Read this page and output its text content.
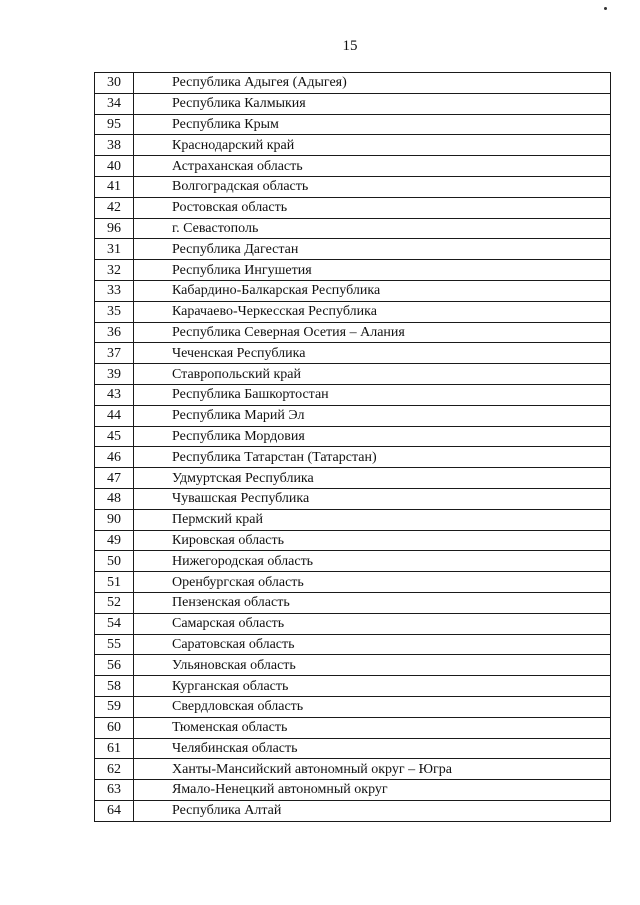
15
30	Республика Адыгея (Адыгея)
34	Республика Калмыкия
95	Республика Крым
38	Краснодарский край
40	Астраханская область
41	Волгоградская область
42	Ростовская область
96	г. Севастополь
31	Республика Дагестан
32	Республика Ингушетия
33	Кабардино-Балкарская Республика
35	Карачаево-Черкесская Республика
36	Республика Северная Осетия – Алания
37	Чеченская Республика
39	Ставропольский край
43	Республика Башкортостан
44	Республика Марий Эл
45	Республика Мордовия
46	Республика Татарстан (Татарстан)
47	Удмуртская Республика
48	Чувашская Республика
90	Пермский край
49	Кировская область
50	Нижегородская область
51	Оренбургская область
52	Пензенская область
54	Самарская область
55	Саратовская область
56	Ульяновская область
58	Курганская область
59	Свердловская область
60	Тюменская область
61	Челябинская область
62	Ханты-Мансийский автономный округ – Югра
63	Ямало-Ненецкий автономный округ
64	Республика Алтай
